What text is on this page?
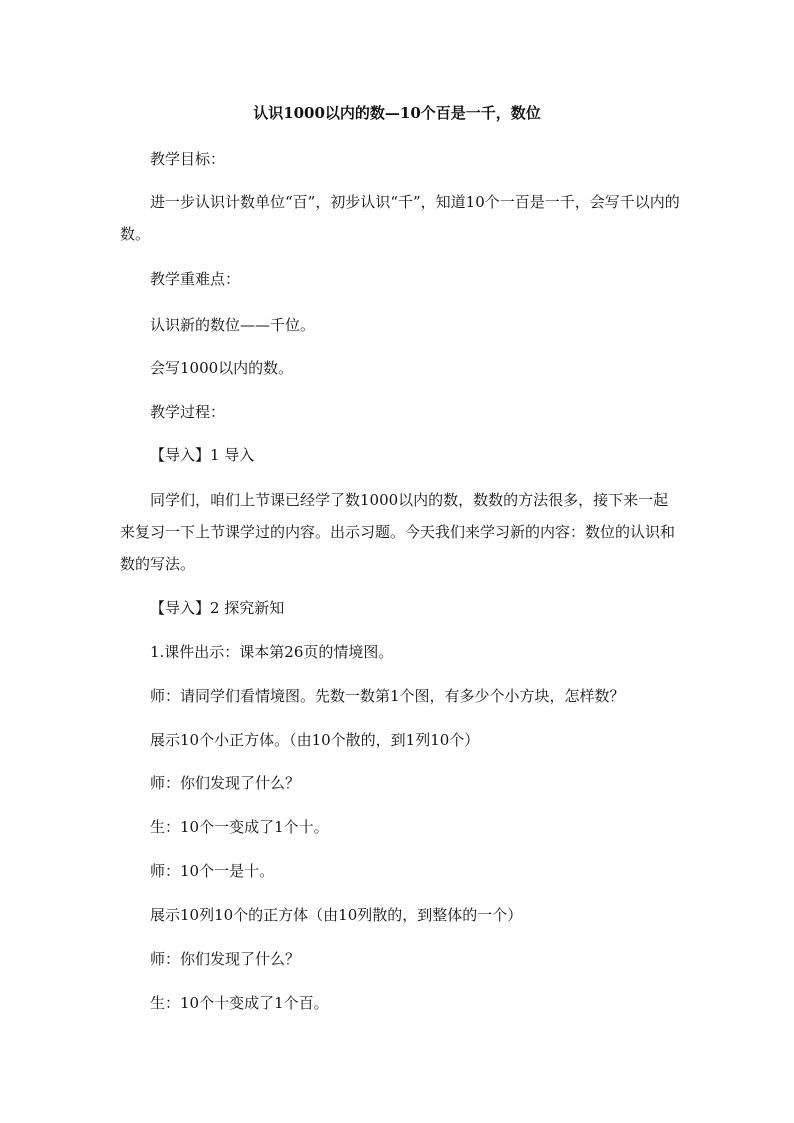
认识1000以内的数—10个百是一千，数位
教学目标：
进一步认识计数单位“百”，初步认识“千”，知道10个一百是一千，会写千以内的数。
教学重难点：
认识新的数位——千位。
会写1000以内的数。
教学过程：
【导入】1 导入
同学们，咱们上节课已经学了数1000以内的数，数数的方法很多，接下来一起来复习一下上节课学过的内容。出示习题。今天我们来学习新的内容：数位的认识和数的写法。
【导入】2 探究新知
1.课件出示：课本第26页的情境图。
师：请同学们看情境图。先数一数第1个图，有多少个小方块，怎样数？
展示10个小正方体。（由10个散的，到1列10个）
师：你们发现了什么？
生：10个一变成了1个十。
师：10个一是十。
展示10列10个的正方体（由10列散的，到整体的一个）
师：你们发现了什么？
生：10个十变成了1个百。
